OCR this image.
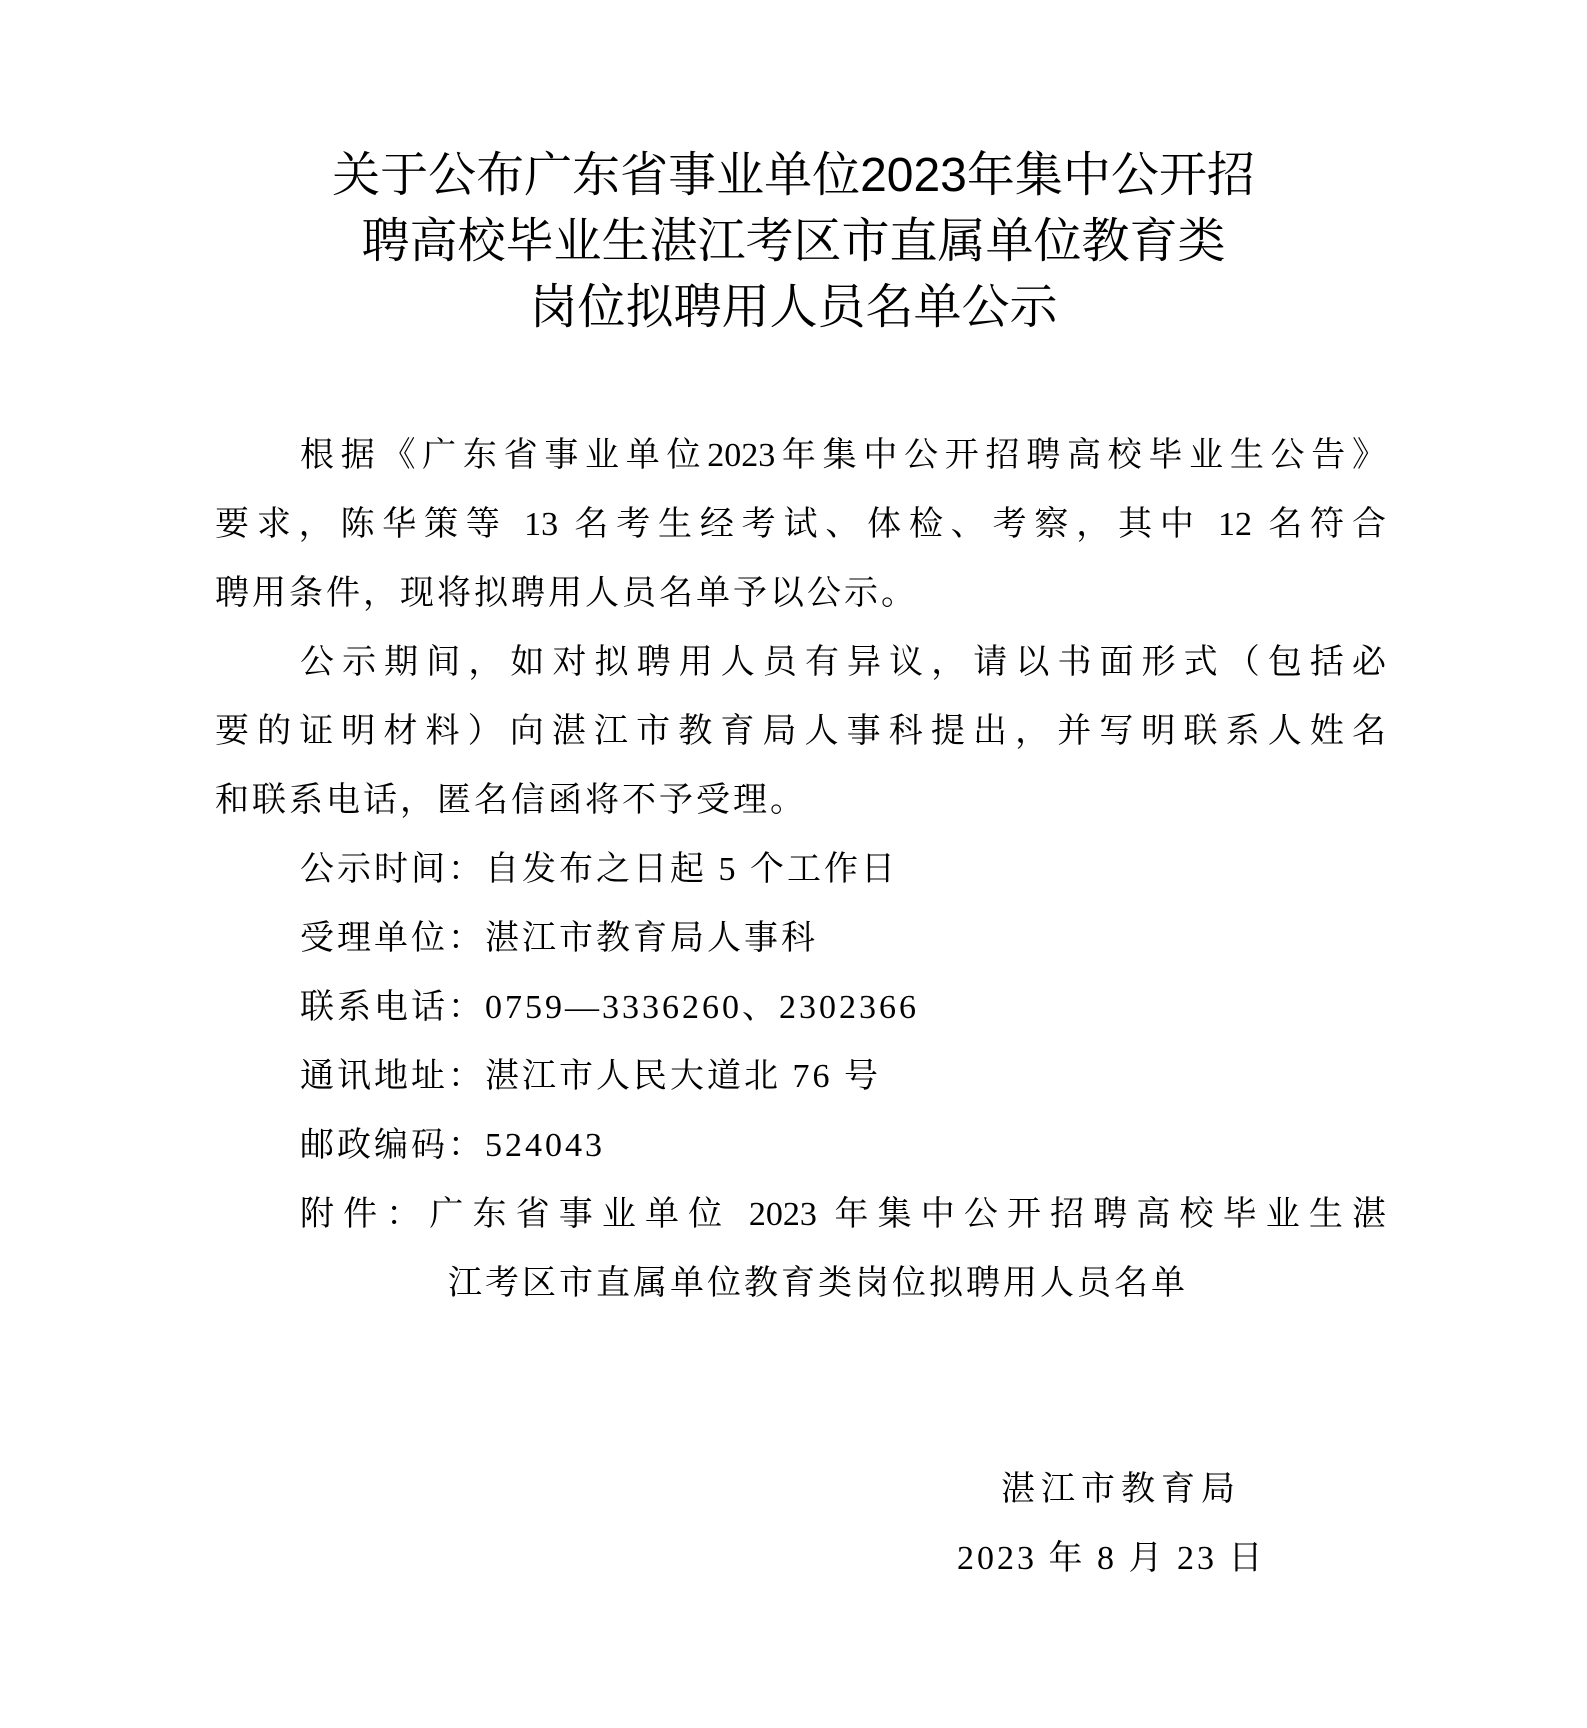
关于公布广东省事业单位2023年集中公开招
聘高校毕业生湛江考区市直属单位教育类
岗位拟聘用人员名单公示
根据《广东省事业单位2023年集中公开招聘高校毕业生公告》
要求，陈华策等 13 名考生经考试、体检、考察，其中 12 名符合
聘用条件，现将拟聘用人员名单予以公示。
公示期间，如对拟聘用人员有异议，请以书面形式（包括必
要的证明材料）向湛江市教育局人事科提出，并写明联系人姓名
和联系电话，匿名信函将不予受理。
公示时间：自发布之日起 5 个工作日
受理单位：湛江市教育局人事科
联系电话：0759—3336260、2302366
通讯地址：湛江市人民大道北 76 号
邮政编码：524043
附件：广东省事业单位 2023 年集中公开招聘高校毕业生湛
江考区市直属单位教育类岗位拟聘用人员名单
湛江市教育局
2023 年 8 月 23 日
